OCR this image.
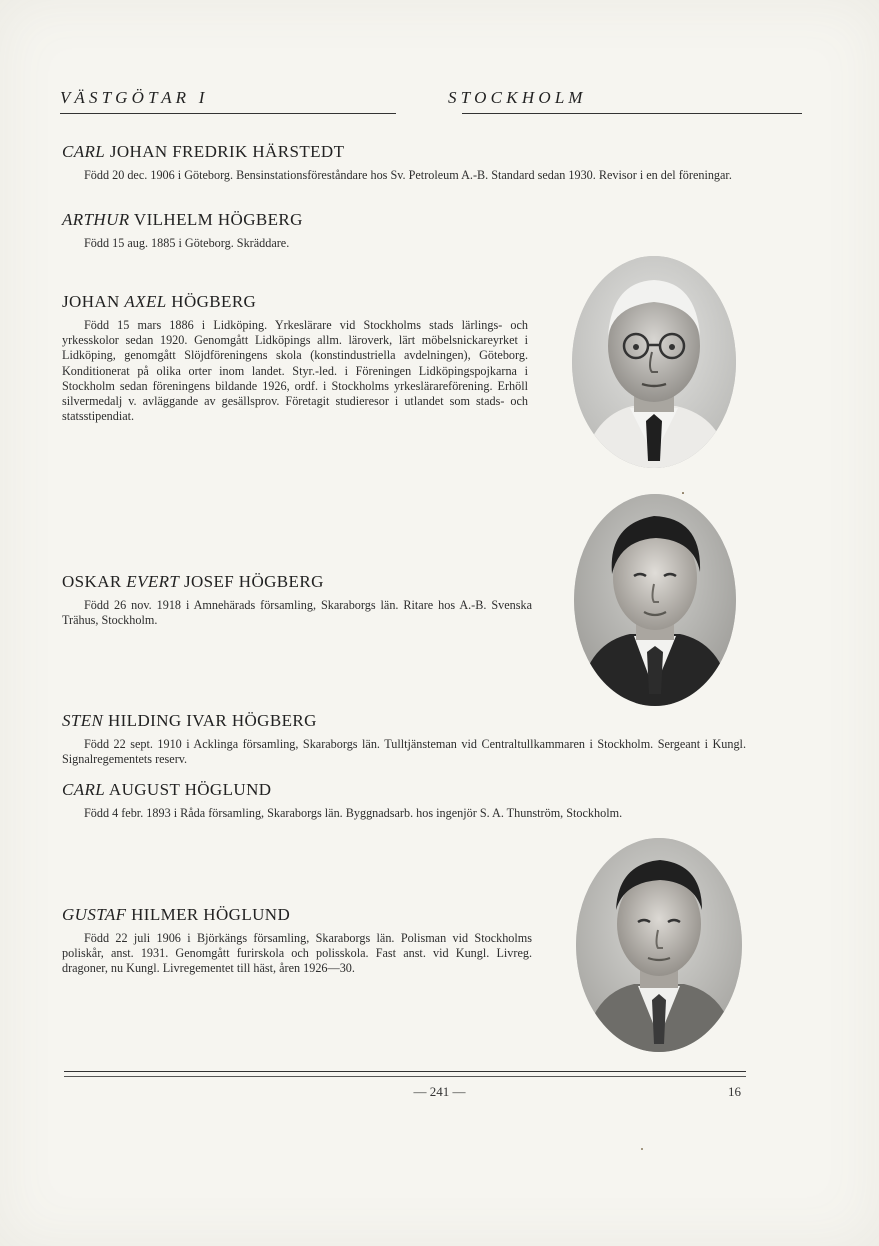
V Ä S T G Ö T A R   I	S T O C K H O L M
CARL JOHAN FREDRIK HÄRSTEDT
Född 20 dec. 1906 i Göteborg. Bensinstationsföreståndare hos Sv. Petroleum A.-B. Standard sedan 1930. Revisor i en del föreningar.
ARTHUR VILHELM HÖGBERG
Född 15 aug. 1885 i Göteborg. Skräddare.
JOHAN AXEL HÖGBERG
Född 15 mars 1886 i Lidköping. Yrkeslärare vid Stockholms stads lärlings- och yrkesskolor sedan 1920. Genomgått Lidköpings allm. läroverk, lärt möbelsnickareyrket i Lidköping, genomgått Slöjdföreningens skola (konstindustriella avdelningen), Göteborg. Konditionerat på olika orter inom landet. Styr.-led. i Föreningen Lidköpingspojkarna i Stockholm sedan föreningens bildande 1926, ordf. i Stockholms yrkeslärareförening. Erhöll silvermedalj v. avläggande av gesällsprov. Företagit studieresor i utlandet som stads- och statsstipendiat.
OSKAR EVERT JOSEF HÖGBERG
Född 26 nov. 1918 i Amnehärads församling, Skaraborgs län. Ritare hos A.-B. Svenska Trähus, Stockholm.
STEN HILDING IVAR HÖGBERG
Född 22 sept. 1910 i Acklinga församling, Skaraborgs län. Tulltjänsteman vid Centraltullkammaren i Stockholm. Sergeant i Kungl. Signalregementets reserv.
CARL AUGUST HÖGLUND
Född 4 febr. 1893 i Råda församling, Skaraborgs län. Byggnadsarb. hos ingenjör S. A. Thunström, Stockholm.
GUSTAF HILMER HÖGLUND
Född 22 juli 1906 i Björkängs församling, Skaraborgs län. Polisman vid Stockholms poliskår, anst. 1931. Genomgått furirskola och polisskola. Fast anst. vid Kungl. Livreg. dragoner, nu Kungl. Livregementet till häst, åren 1926—30.
— 241 —	16
